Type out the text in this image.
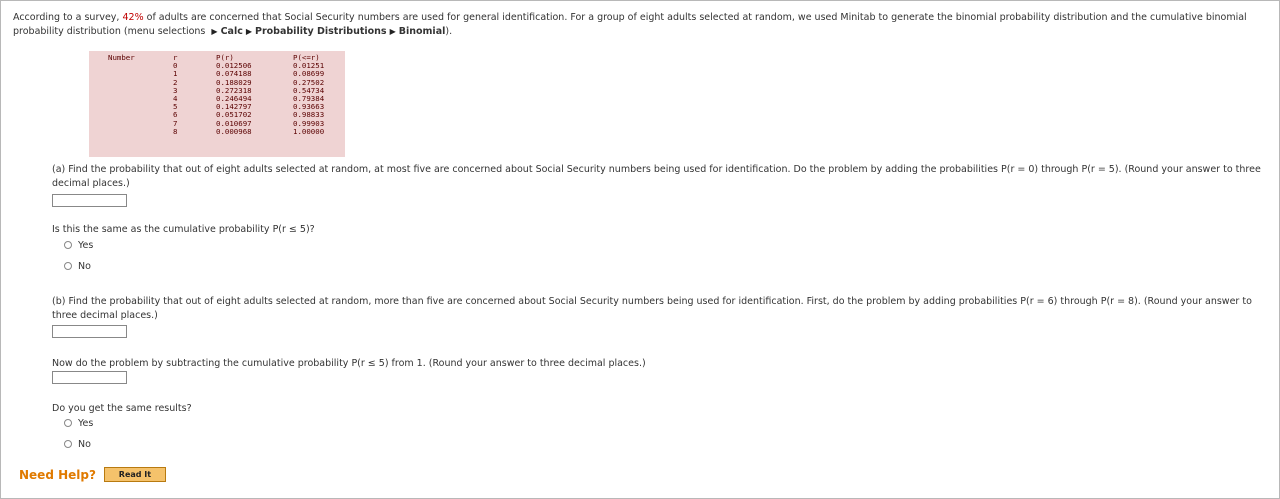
According to a survey, 42% of adults are concerned that Social Security numbers are used for general identification. For a group of eight adults selected at random, we used Minitab to generate the binomial probability distribution and the cumulative binomial probability distribution (menu selections ▶ Calc ▶ Probability Distributions ▶ Binomial).
Number	r
0
1
2
3
4
5
6
7
8
P(r)
0.012506
0.074188
0.188029
0.272318
0.246494
0.142797
0.051702
0.010697
0.000968
P(<=r)
0.01251
0.08699
0.27502
0.54734
0.79384
0.93663
0.98833
0.99903
1.00000
(a) Find the probability that out of eight adults selected at random, at most five are concerned about Social Security numbers being used for identification. Do the problem by adding the probabilities P(r = 0) through P(r = 5). (Round your answer to three decimal places.)
Is this the same as the cumulative probability P(r ≤ 5)?
Yes
No
(b) Find the probability that out of eight adults selected at random, more than five are concerned about Social Security numbers being used for identification. First, do the problem by adding probabilities P(r = 6) through P(r = 8). (Round your answer to three decimal places.)
Now do the problem by subtracting the cumulative probability P(r ≤ 5) from 1. (Round your answer to three decimal places.)
Do you get the same results?
Yes
No
Need Help?	Read It
